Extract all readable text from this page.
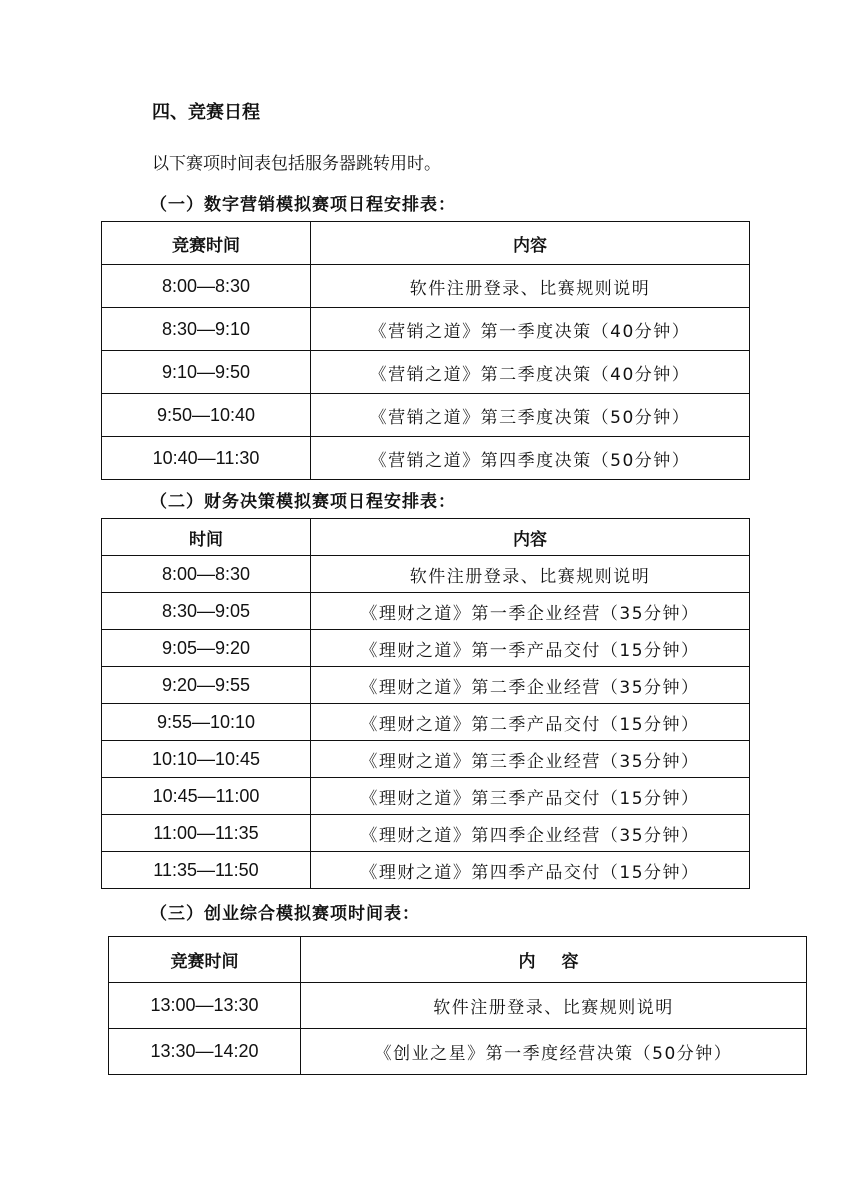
四、竞赛日程

以下赛项时间表包括服务器跳转用时。

（一）数字营销模拟赛项日程安排表：

竞赛时间	内容
8:00—8:30	软件注册登录、比赛规则说明
8:30—9:10	《营销之道》第一季度决策（40分钟）
9:10—9:50	《营销之道》第二季度决策（40分钟）
9:50—10:40	《营销之道》第三季度决策（50分钟）
10:40—11:30	《营销之道》第四季度决策（50分钟）

（二）财务决策模拟赛项日程安排表：

时间	内容
8:00—8:30	软件注册登录、比赛规则说明
8:30—9:05	《理财之道》第一季企业经营（35分钟）
9:05—9:20	《理财之道》第一季产品交付（15分钟）
9:20—9:55	《理财之道》第二季企业经营（35分钟）
9:55—10:10	《理财之道》第二季产品交付（15分钟）
10:10—10:45	《理财之道》第三季企业经营（35分钟）
10:45—11:00	《理财之道》第三季产品交付（15分钟）
11:00—11:35	《理财之道》第四季企业经营（35分钟）
11:35—11:50	《理财之道》第四季产品交付（15分钟）

（三）创业综合模拟赛项时间表：

竞赛时间	内 容
13:00—13:30	软件注册登录、比赛规则说明
13:30—14:20	《创业之星》第一季度经营决策（50分钟）
